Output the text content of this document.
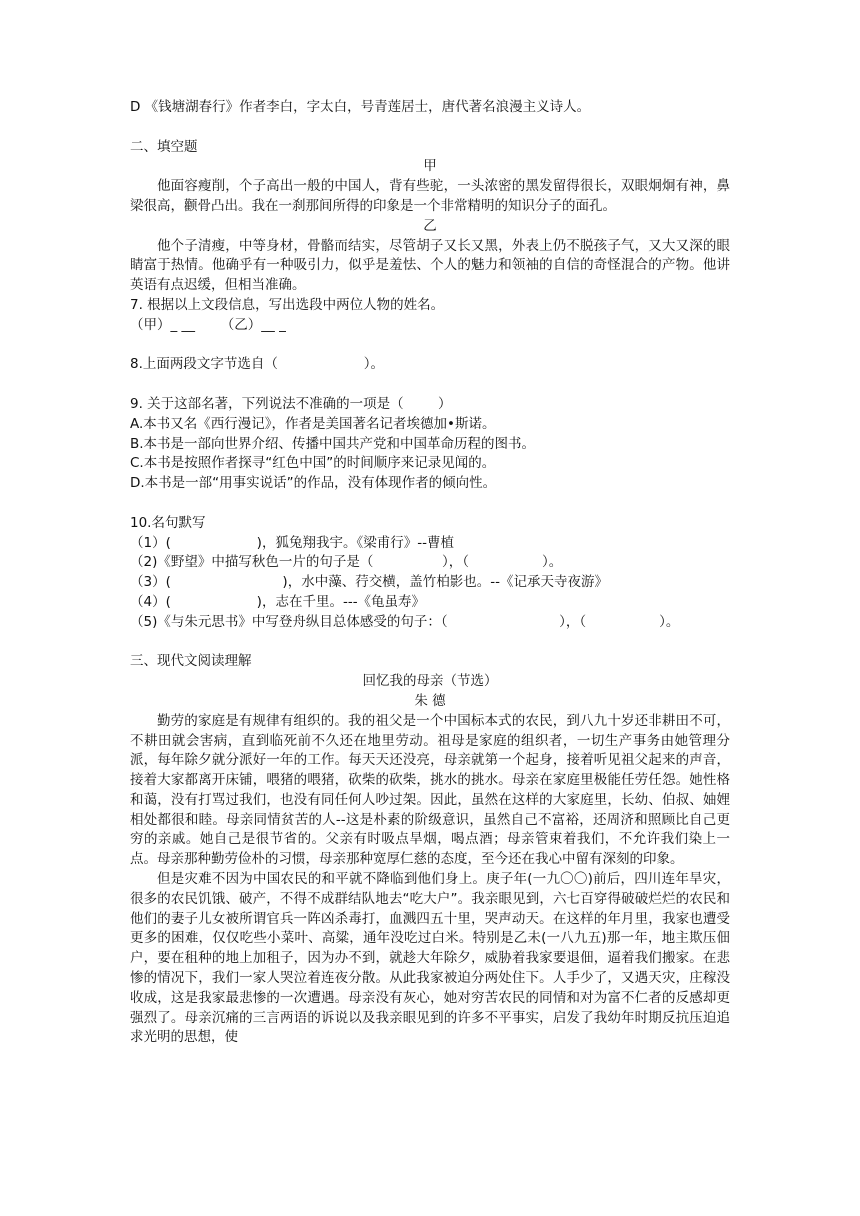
D 《钱塘湖春行》作者李白，字太白，号青莲居士，唐代著名浪漫主义诗人。
二、填空题
甲
他面容瘦削，个子高出一般的中国人，背有些驼，一头浓密的黑发留得很长，双眼炯炯有神，鼻梁很高，颧骨凸出。我在一刹那间所得的印象是一个非常精明的知识分子的面孔。
乙
他个子清瘦，中等身材，骨骼而结实，尽管胡子又长又黑，外表上仍不脱孩子气，又大又深的眼睛富于热情。他确乎有一种吸引力，似乎是羞怯、个人的魅力和领袖的自信的奇怪混合的产物。他讲英语有点迟缓，但相当准确。
7. 根据以上文段信息，写出选段中两位人物的姓名。
（甲）_ __      （乙）__ _
8.上面两段文字节选自（                    ）。
9. 关于这部名著，下列说法不准确的一项是（        ）
A.本书又名《西行漫记》，作者是美国著名记者埃德加•斯诺。
B.本书是一部向世界介绍、传播中国共产党和中国革命历程的图书。
C.本书是按照作者探寻“红色中国”的时间顺序来记录见闻的。
D.本书是一部“用事实说话”的作品，没有体现作者的倾向性。
10.名句默写
（1）(                    )，狐兔翔我宇。《梁甫行》--曹植
（2)《野望》中描写秋色一片的句子是（                ），（                 ）。
（3）(                          )，水中藻、荇交横，盖竹柏影也。--《记承天寺夜游》
（4）(                    )，志在千里。---《龟虽寿》
（5)《与朱元思书》中写登舟纵目总体感受的句子：（                          ），（                 ）。
三、现代文阅读理解
回忆我的母亲（节选）
朱 德
勤劳的家庭是有规律有组织的。我的祖父是一个中国标本式的农民，到八九十岁还非耕田不可，不耕田就会害病，直到临死前不久还在地里劳动。祖母是家庭的组织者，一切生产事务由她管理分派，每年除夕就分派好一年的工作。每天天还没亮，母亲就第一个起身，接着听见祖父起来的声音，接着大家都离开床铺，喂猪的喂猪，砍柴的砍柴，挑水的挑水。母亲在家庭里极能任劳任怨。她性格和蔼，没有打骂过我们，也没有同任何人吵过架。因此，虽然在这样的大家庭里，长幼、伯叔、妯娌相处都很和睦。母亲同情贫苦的人--这是朴素的阶级意识，虽然自己不富裕，还周济和照顾比自己更穷的亲戚。她自己是很节省的。父亲有时吸点旱烟，喝点酒；母亲管束着我们，不允许我们染上一点。母亲那种勤劳俭朴的习惯，母亲那种宽厚仁慈的态度，至今还在我心中留有深刻的印象。
但是灾难不因为中国农民的和平就不降临到他们身上。庚子年(一九〇〇)前后，四川连年旱灾，很多的农民饥饿、破产，不得不成群结队地去“吃大户”。我亲眼见到，六七百穿得破破烂烂的农民和他们的妻子儿女被所谓官兵一阵凶杀毒打，血溅四五十里，哭声动天。在这样的年月里，我家也遭受更多的困难，仅仅吃些小菜叶、高粱，通年没吃过白米。特别是乙未(一八九五)那一年，地主欺压佃户，要在租种的地上加租子，因为办不到，就趁大年除夕，威胁着我家要退佃，逼着我们搬家。在悲惨的情况下，我们一家人哭泣着连夜分散。从此我家被迫分两处住下。人手少了，又遇天灾，庄稼没收成，这是我家最悲惨的一次遭遇。母亲没有灰心，她对穷苦农民的同情和对为富不仁者的反感却更强烈了。母亲沉痛的三言两语的诉说以及我亲眼见到的许多不平事实，启发了我幼年时期反抗压迫追求光明的思想，使
